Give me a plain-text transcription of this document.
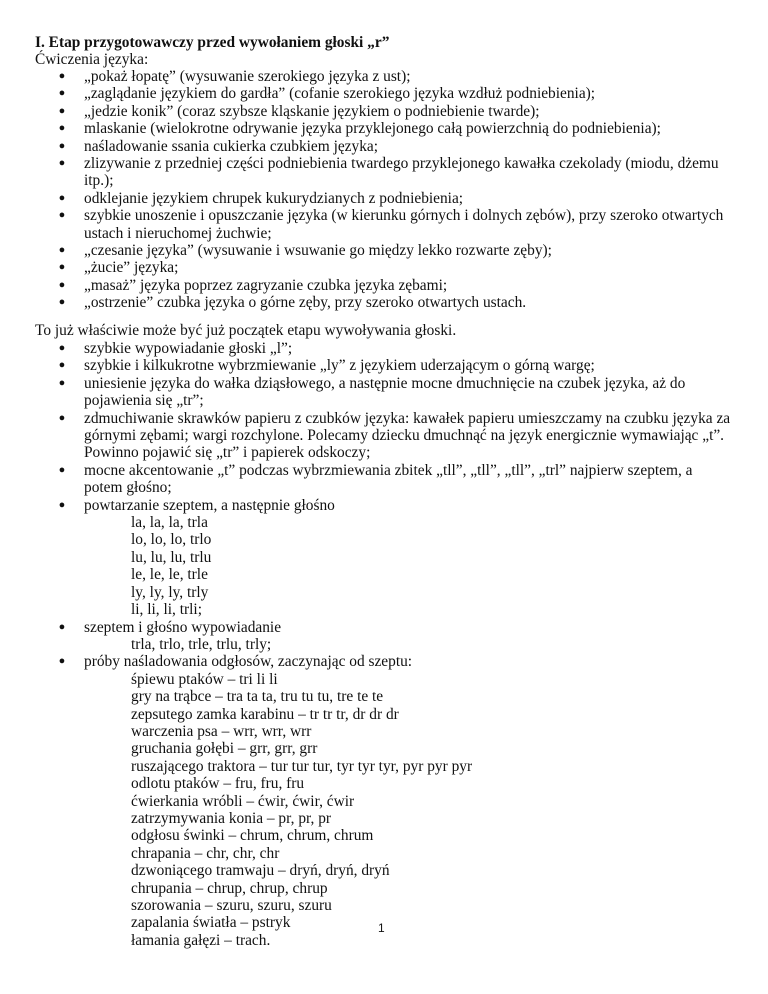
I. Etap przygotowawczy przed wywołaniem głoski „r”
Ćwiczenia języka:
● „pokaż łopatę” (wysuwanie szerokiego języka z ust);
● „zaglądanie językiem do gardła” (cofanie szerokiego języka wzdłuż podniebienia);
● „jedzie konik” (coraz szybsze kląskanie językiem o podniebienie twarde);
● mlaskanie (wielokrotne odrywanie języka przyklejonego całą powierzchnią do podniebienia);
● naśladowanie ssania cukierka czubkiem języka;
● zlizywanie z przedniej części podniebienia twardego przyklejonego kawałka czekolady (miodu, dżemu itp.);
● odklejanie językiem chrupek kukurydzianych z podniebienia;
● szybkie unoszenie i opuszczanie języka (w kierunku górnych i dolnych zębów), przy szeroko otwartych ustach i nieruchomej żuchwie;
● „czesanie języka” (wysuwanie i wsuwanie go między lekko rozwarte zęby);
● „żucie” języka;
● „masaż” języka poprzez zagryzanie czubka języka zębami;
● „ostrzenie” czubka języka o górne zęby, przy szeroko otwartych ustach.
To już właściwie może być już początek etapu wywoływania głoski.
● szybkie wypowiadanie głoski „l”;
● szybkie i kilkukrotne wybrzmiewanie „ly” z językiem uderzającym o górną wargę;
● uniesienie języka do wałka dziąsłowego, a następnie mocne dmuchnięcie na czubek języka, aż do pojawienia się „tr”;
● zdmuchiwanie skrawków papieru z czubków języka: kawałek papieru umieszczamy na czubku języka za górnymi zębami; wargi rozchylone. Polecamy dziecku dmuchnąć na język energicznie wymawiając „t”. Powinno pojawić się „tr” i papierek odskoczy;
● mocne akcentowanie „t” podczas wybrzmiewania zbitek „tll”, „tll”, „tll”, „trl” najpierw szeptem, a potem głośno;
● powtarzanie szeptem, a następnie głośno
la, la, la, trla
lo, lo, lo, trlo
lu, lu, lu, trlu
le, le, le, trle
ly, ly, ly, trly
li, li, li, trli;
● szeptem i głośno wypowiadanie
trla, trlo, trle, trlu, trly;
● próby naśladowania odgłosów, zaczynając od szeptu:
śpiewu ptaków – tri li li
gry na trąbce – tra ta ta, tru tu tu, tre te te
zepsutego zamka karabinu – tr tr tr, dr dr dr
warczenia psa – wrr, wrr, wrr
gruchania gołębi – grr, grr, grr
ruszającego traktora – tur tur tur, tyr tyr tyr, pyr pyr pyr
odlotu ptaków – fru, fru, fru
ćwierkania wróbli – ćwir, ćwir, ćwir
zatrzymywania konia – pr, pr, pr
odgłosu świnki – chrum, chrum, chrum
chrapania – chr, chr, chr
dzwoniącego tramwaju – dryń, dryń, dryń
chrupania – chrup, chrup, chrup
szorowania – szuru, szuru, szuru
zapalania światła – pstryk
łamania gałęzi – trach.
1
